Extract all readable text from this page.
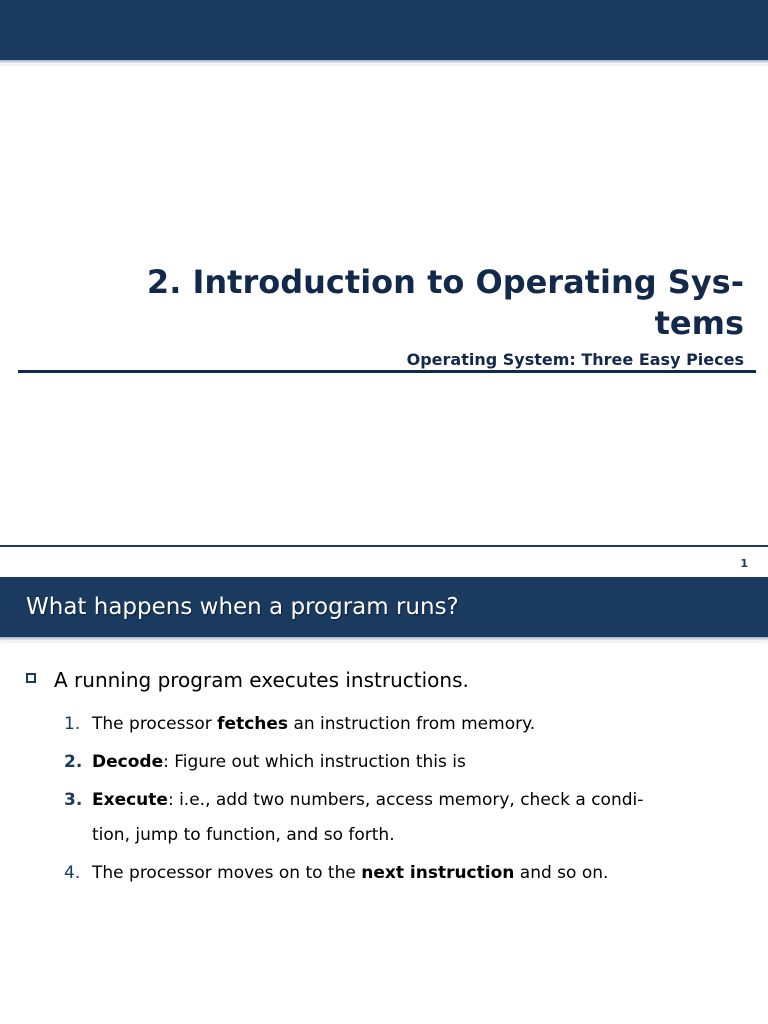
2. Introduction to Operating Sys-
tems
Operating System: Three Easy Pieces
1
What happens when a program runs?
A running program executes instructions.
1. The processor fetches an instruction from memory.
2. Decode: Figure out which instruction this is
3. Execute: i.e., add two numbers, access memory, check a condi-
tion, jump to function, and so forth.
4. The processor moves on to the next instruction and so on.
